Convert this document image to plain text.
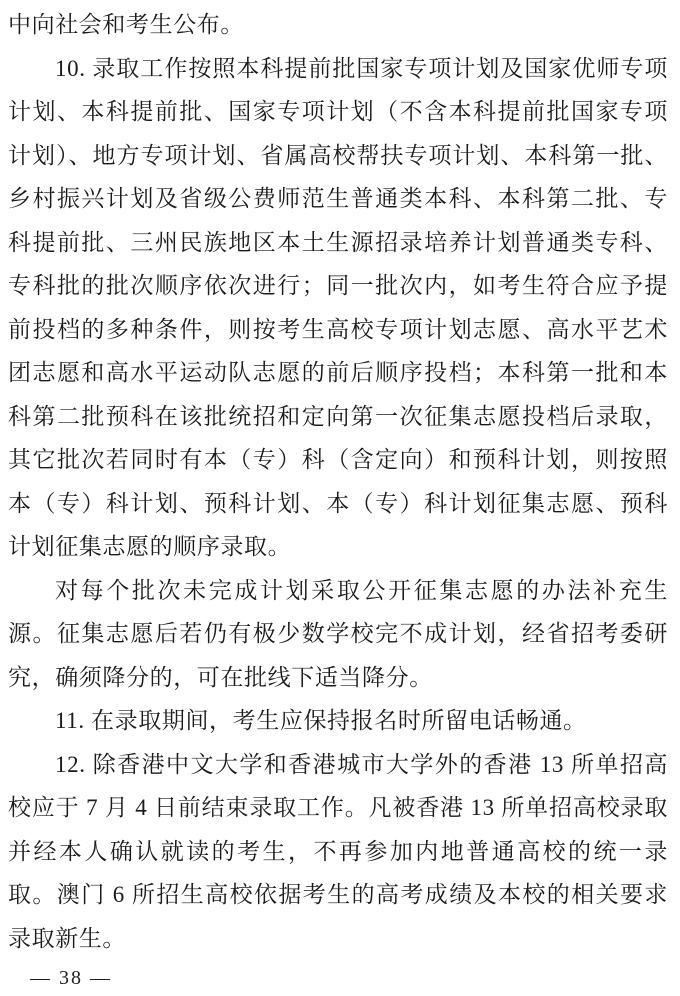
中向社会和考生公布。

10. 录取工作按照本科提前批国家专项计划及国家优师专项计划、本科提前批、国家专项计划（不含本科提前批国家专项计划）、地方专项计划、省属高校帮扶专项计划、本科第一批、乡村振兴计划及省级公费师范生普通类本科、本科第二批、专科提前批、三州民族地区本土生源招录培养计划普通类专科、专科批的批次顺序依次进行；同一批次内，如考生符合应予提前投档的多种条件，则按考生高校专项计划志愿、高水平艺术团志愿和高水平运动队志愿的前后顺序投档；本科第一批和本科第二批预科在该批统招和定向第一次征集志愿投档后录取，其它批次若同时有本（专）科（含定向）和预科计划，则按照本（专）科计划、预科计划、本（专）科计划征集志愿、预科计划征集志愿的顺序录取。

对每个批次未完成计划采取公开征集志愿的办法补充生源。征集志愿后若仍有极少数学校完不成计划，经省招考委研究，确须降分的，可在批线下适当降分。

11. 在录取期间，考生应保持报名时所留电话畅通。

12. 除香港中文大学和香港城市大学外的香港 13 所单招高校应于 7 月 4 日前结束录取工作。凡被香港 13 所单招高校录取并经本人确认就读的考生，不再参加内地普通高校的统一录取。澳门 6 所招生高校依据考生的高考成绩及本校的相关要求录取新生。

— 38 —
